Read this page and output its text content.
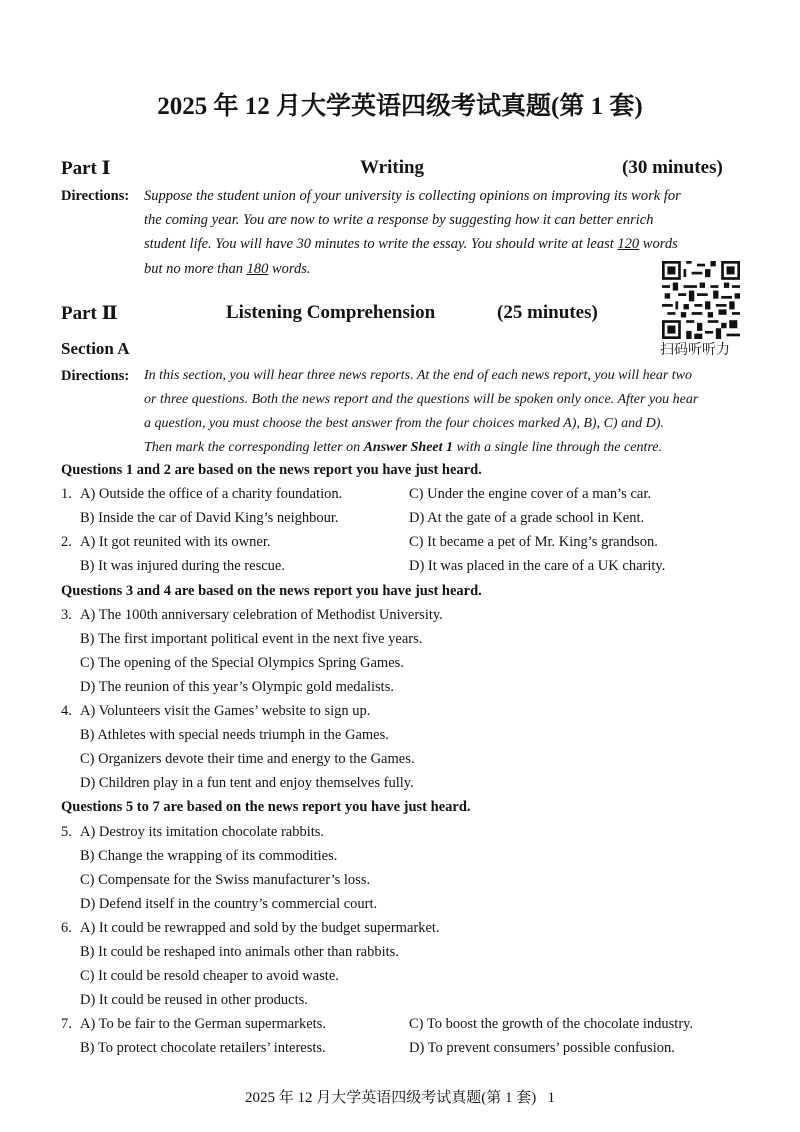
2025 年 12 月大学英语四级考试真题(第 1 套)
Part Ⅰ	Writing	(30 minutes)
Directions: Suppose the student union of your university is collecting opinions on improving its work for
the coming year. You are now to write a response by suggesting how it can better enrich
student life. You will have 30 minutes to write the essay. You should write at least 120 words
but no more than 180 words.
扫码听听力
Part Ⅱ	Listening Comprehension	(25 minutes)
Section A
Directions: In this section, you will hear three news reports. At the end of each news report, you will hear two
or three questions. Both the news report and the questions will be spoken only once. After you hear
a question, you must choose the best answer from the four choices marked A), B), C) and D).
Then mark the corresponding letter on Answer Sheet 1 with a single line through the centre.
Questions 1 and 2 are based on the news report you have just heard.
1. A) Outside the office of a charity foundation.	C) Under the engine cover of a man’s car.
B) Inside the car of David King’s neighbour.	D) At the gate of a grade school in Kent.
2. A) It got reunited with its owner.	C) It became a pet of Mr. King’s grandson.
B) It was injured during the rescue.	D) It was placed in the care of a UK charity.
Questions 3 and 4 are based on the news report you have just heard.
3. A) The 100th anniversary celebration of Methodist University.
B) The first important political event in the next five years.
C) The opening of the Special Olympics Spring Games.
D) The reunion of this year’s Olympic gold medalists.
4. A) Volunteers visit the Games’ website to sign up.
B) Athletes with special needs triumph in the Games.
C) Organizers devote their time and energy to the Games.
D) Children play in a fun tent and enjoy themselves fully.
Questions 5 to 7 are based on the news report you have just heard.
5. A) Destroy its imitation chocolate rabbits.
B) Change the wrapping of its commodities.
C) Compensate for the Swiss manufacturer’s loss.
D) Defend itself in the country’s commercial court.
6. A) It could be rewrapped and sold by the budget supermarket.
B) It could be reshaped into animals other than rabbits.
C) It could be resold cheaper to avoid waste.
D) It could be reused in other products.
7. A) To be fair to the German supermarkets.	C) To boost the growth of the chocolate industry.
B) To protect chocolate retailers’ interests.	D) To prevent consumers’ possible confusion.
2025 年 12 月大学英语四级考试真题(第 1 套)   1
